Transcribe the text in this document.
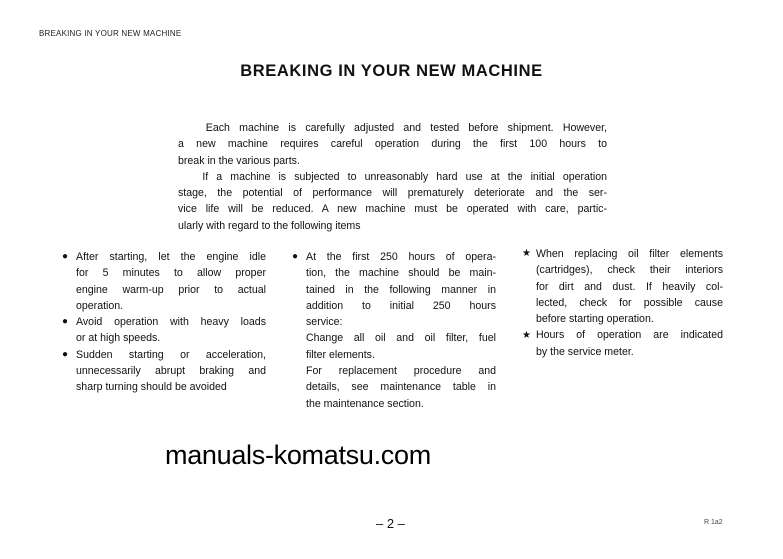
BREAKING IN YOUR NEW MACHINE
BREAKING IN YOUR NEW MACHINE
Each machine is carefully adjusted and tested before shipment. However,
a new machine requires careful operation during the first 100 hours to
break in the various parts.
If a machine is subjected to unreasonably hard use at the initial operation
stage, the potential of performance will prematurely deteriorate and the ser-
vice life will be reduced. A new machine must be operated with care, partic-
ularly with regard to the following items
After starting, let the engine idle
●
for 5 minutes to allow proper
engine warm-up prior to actual
operation.
Avoid operation with heavy loads
●
or at high speeds.
Sudden starting or acceleration,
●
unnecessarily abrupt braking and
sharp turning should be avoided
At the first 250 hours of opera-
●
tion, the machine should be main-
tained in the following manner in
addition to initial 250 hours
service:
Change all oil and oil filter, fuel
filter elements.
For replacement procedure and
details, see maintenance table in
the maintenance section.
When replacing oil filter elements
★
(cartridges), check their interiors
for dirt and dust. If heavily col-
lected, check for possible cause
before starting operation.
Hours of operation are indicated
★
by the service meter.
manuals-komatsu.com
– 2 –	R 1a2
